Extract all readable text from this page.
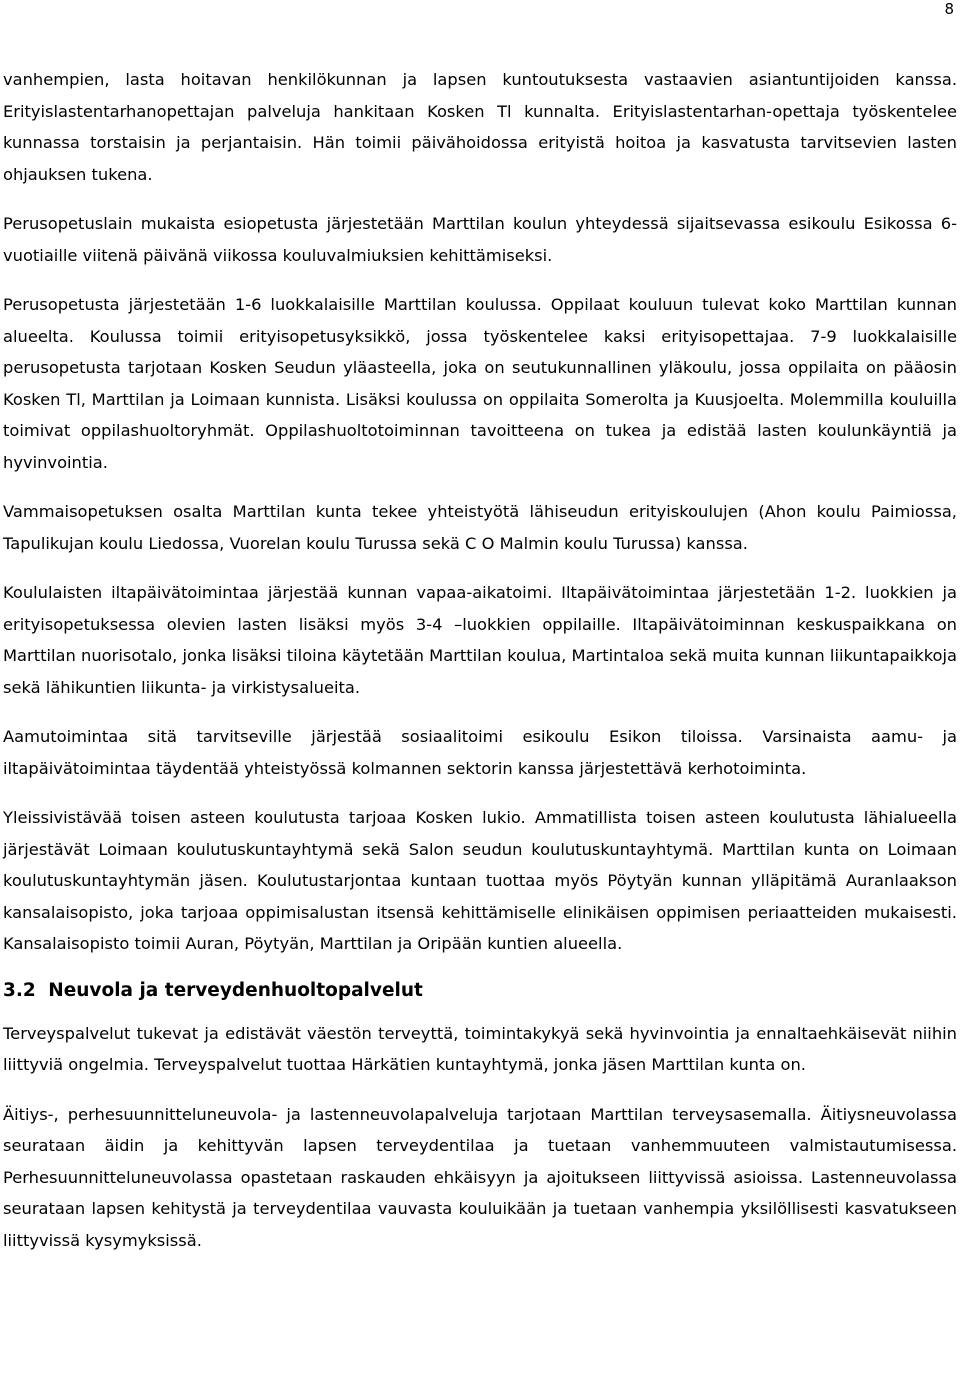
8

vanhempien, lasta hoitavan henkilökunnan ja lapsen kuntoutuksesta vastaavien asiantuntijoiden kanssa. Erityislastentarhanopettajan palveluja hankitaan Kosken Tl kunnalta. Erityislastentarhan-opettaja työskentelee kunnassa torstaisin ja perjantaisin. Hän toimii päivähoidossa erityistä hoitoa ja kasvatusta tarvitsevien lasten ohjauksen tukena.

Perusopetuslain mukaista esiopetusta järjestetään Marttilan koulun yhteydessä sijaitsevassa esikoulu Esikossa 6-vuotiaille viitenä päivänä viikossa kouluvalmiuksien kehittämiseksi.

Perusopetusta järjestetään 1-6 luokkalaisille Marttilan koulussa. Oppilaat kouluun tulevat koko Marttilan kunnan alueelta. Koulussa toimii erityisopetusyksikkö, jossa työskentelee kaksi erityisopettajaa. 7-9 luokkalaisille perusopetusta tarjotaan Kosken Seudun yläasteella, joka on seutukunnallinen yläkoulu, jossa oppilaita on pääosin Kosken Tl, Marttilan ja Loimaan kunnista. Lisäksi koulussa on oppilaita Somerolta ja Kuusjoelta. Molemmilla kouluilla toimivat oppilashuoltoryhmät. Oppilashuoltotoiminnan tavoitteena on tukea ja edistää lasten koulunkäyntiä ja hyvinvointia.

Vammaisopetuksen osalta Marttilan kunta tekee yhteistyötä lähiseudun erityiskoulujen (Ahon koulu Paimiossa, Tapulikujan koulu Liedossa, Vuorelan koulu Turussa sekä C O Malmin koulu Turussa) kanssa.

Koululaisten iltapäivätoimintaa järjestää kunnan vapaa-aikatoimi. Iltapäivätoimintaa järjestetään 1-2. luokkien ja erityisopetuksessa olevien lasten lisäksi myös 3-4 –luokkien oppilaille. Iltapäivätoiminnan keskuspaikkana on Marttilan nuorisotalo, jonka lisäksi tiloina käytetään Marttilan koulua, Martintaloa sekä muita kunnan liikuntapaikkoja sekä lähikuntien liikunta- ja virkistysalueita.

Aamutoimintaa sitä tarvitseville järjestää sosiaalitoimi esikoulu Esikon tiloissa. Varsinaista aamu- ja iltapäivätoimintaa täydentää yhteistyössä kolmannen sektorin kanssa järjestettävä kerhotoiminta.

Yleissivistävää toisen asteen koulutusta tarjoaa Kosken lukio. Ammatillista toisen asteen koulutusta lähialueella järjestävät Loimaan koulutuskuntayhtymä sekä Salon seudun koulutuskuntayhtymä. Marttilan kunta on Loimaan koulutuskuntayhtymän jäsen. Koulutustarjontaa kuntaan tuottaa myös Pöytyän kunnan ylläpitämä Auranlaakson kansalaisopisto, joka tarjoaa oppimisalustan itsensä kehittämiselle elinikäisen oppimisen periaatteiden mukaisesti. Kansalaisopisto toimii Auran, Pöytyän, Marttilan ja Oripään kuntien alueella.

3.2 Neuvola ja terveydenhuoltopalvelut

Terveyspalvelut tukevat ja edistävät väestön terveyttä, toimintakykyä sekä hyvinvointia ja ennaltaehkäisevät niihin liittyviä ongelmia. Terveyspalvelut tuottaa Härkätien kuntayhtymä, jonka jäsen Marttilan kunta on.

Äitiys-, perhesuunnitteluneuvola- ja lastenneuvolapalveluja tarjotaan Marttilan terveysasemalla. Äitiysneuvolassa seurataan äidin ja kehittyvän lapsen terveydentilaa ja tuetaan vanhemmuuteen valmistautumisessa. Perhesuunnitteluneuvolassa opastetaan raskauden ehkäisyyn ja ajoitukseen liittyvissä asioissa. Lastenneuvolassa seurataan lapsen kehitystä ja terveydentilaa vauvasta kouluikään ja tuetaan vanhempia yksilöllisesti kasvatukseen liittyvissä kysymyksissä.
